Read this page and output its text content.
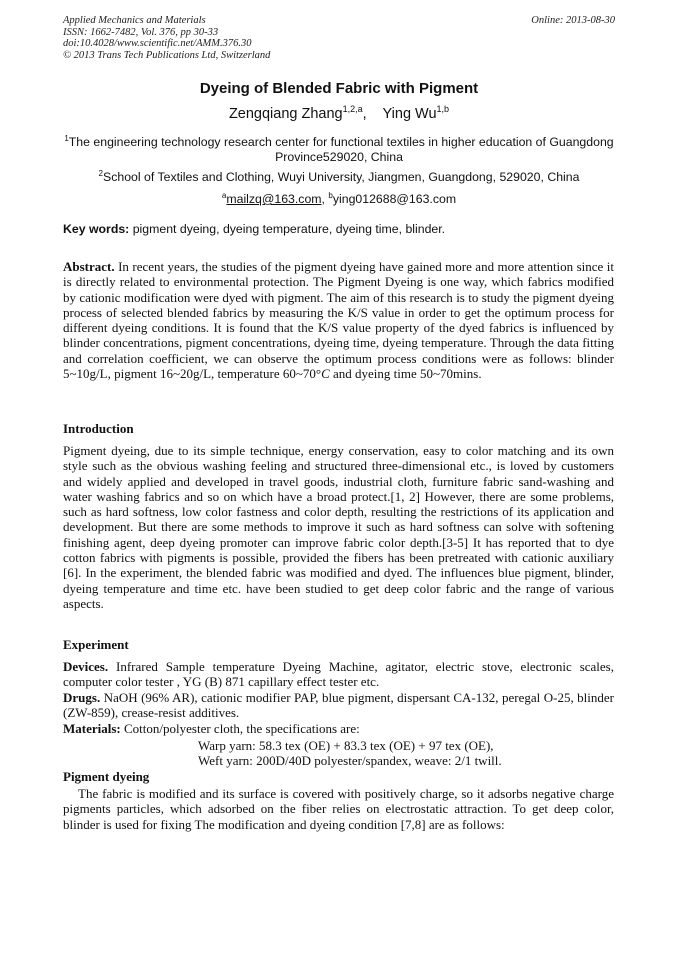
Applied Mechanics and Materials
ISSN: 1662-7482, Vol. 376, pp 30-33
doi:10.4028/www.scientific.net/AMM.376.30
© 2013 Trans Tech Publications Ltd, Switzerland
Online: 2013-08-30
Dyeing of Blended Fabric with Pigment
Zengqiang Zhang$^{1,2,a}$,    Ying Wu$^{1,b}$
$^1$The engineering technology research center for functional textiles in higher education of Guangdong Province529020, China
$^2$School of Textiles and Clothing, Wuyi University, Jiangmen, Guangdong, 529020, China
$^a$mailzq@163.com, $^b$ying012688@163.com
Key words: pigment dyeing, dyeing temperature, dyeing time, blinder.
Abstract. In recent years, the studies of the pigment dyeing have gained more and more attention since it is directly related to environmental protection. The Pigment Dyeing is one way, which fabrics modified by cationic modification were dyed with pigment. The aim of this research is to study the pigment dyeing process of selected blended fabrics by measuring the K/S value in order to get the optimum process for different dyeing conditions. It is found that the K/S value property of the dyed fabrics is influenced by blinder concentrations, pigment concentrations, dyeing time, dyeing temperature. Through the data fitting and correlation coefficient, we can observe the optimum process conditions were as follows: blinder 5~10g/L, pigment 16~20g/L, temperature 60~70°C and dyeing time 50~70mins.
Introduction
Pigment dyeing, due to its simple technique, energy conservation, easy to color matching and its own style such as the obvious washing feeling and structured three-dimensional etc., is loved by customers and widely applied and developed in travel goods, industrial cloth, furniture fabric sand-washing and water washing fabrics and so on which have a broad protect.[1, 2] However, there are some problems, such as hard softness, low color fastness and color depth, resulting the restrictions of its application and development. But there are some methods to improve it such as hard softness can solve with softening finishing agent, deep dyeing promoter can improve fabric color depth.[3-5] It has reported that to dye cotton fabrics with pigments is possible, provided the fibers has been pretreated with cationic auxiliary [6]. In the experiment, the blended fabric was modified and dyed. The influences blue pigment, blinder, dyeing temperature and time etc. have been studied to get deep color fabric and the range of various aspects.
Experiment
Devices. Infrared Sample temperature Dyeing Machine, agitator, electric stove, electronic scales, computer color tester , YG (B) 871 capillary effect tester etc.
Drugs. NaOH (96% AR), cationic modifier PAP, blue pigment, dispersant CA-132, peregal O-25, blinder (ZW-859), crease-resist additives.
Materials: Cotton/polyester cloth, the specifications are:
Warp yarn: 58.3 tex (OE) + 83.3 tex (OE) + 97 tex (OE),
Weft yarn: 200D/40D polyester/spandex, weave: 2/1 twill.
Pigment dyeing
The fabric is modified and its surface is covered with positively charge, so it adsorbs negative charge pigments particles, which adsorbed on the fiber relies on electrostatic attraction. To get deep color, blinder is used for fixing The modification and dyeing condition [7,8] are as follows:
